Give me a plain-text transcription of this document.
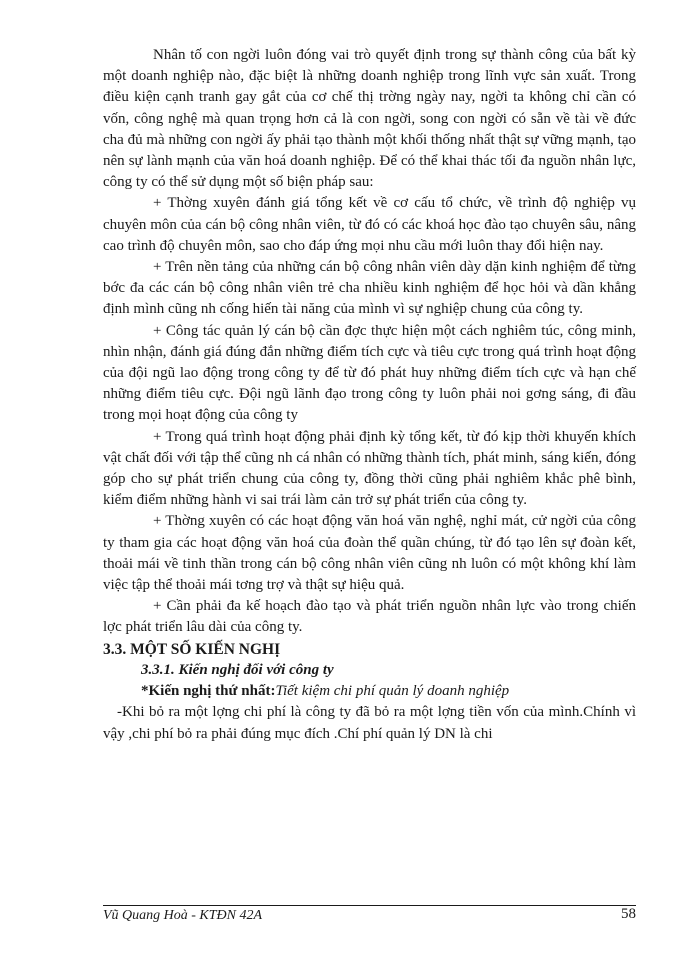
Nhân tố con ngời luôn đóng vai trò quyết định trong sự thành công của bất kỳ một doanh nghiệp nào, đặc biệt là những doanh nghiệp trong lĩnh vực sản xuất. Trong điều kiện cạnh tranh gay gắt của cơ chế thị trờng ngày nay, ngời ta không chỉ cần có vốn, công nghệ mà quan trọng hơn cả là con ngời, song con ngời có sẵn về tài về đức cha đủ mà những con ngời ấy phải tạo thành một khối thống nhất thật sự vững mạnh, tạo nên sự lành mạnh của văn hoá doanh nghiệp. Để có thể khai thác tối đa nguồn nhân lực, công ty có thể sử dụng một số biện pháp sau:

+ Thờng xuyên đánh giá tổng kết về cơ cấu tổ chức, về trình độ nghiệp vụ chuyên môn của cán bộ công nhân viên, từ đó có các khoá học đào tạo chuyên sâu, nâng cao trình độ chuyên môn, sao cho đáp ứng mọi nhu cầu mới luôn thay đổi hiện nay.

+ Trên nền tảng của những cán bộ công nhân viên dày dặn kinh nghiệm để từng bớc đa các cán bộ công nhân viên trẻ cha nhiều kinh nghiệm để học hỏi và dần khẳng định mình cũng nh cống hiến tài năng của mình vì sự nghiệp chung của công ty.

+ Công tác quản lý cán bộ cần đợc thực hiện một cách nghiêm túc, công minh, nhìn nhận, đánh giá đúng đắn những điểm tích cực và tiêu cực trong quá trình hoạt động của đội ngũ lao động trong công ty để từ đó phát huy những điểm tích cực và hạn chế những điểm tiêu cực. Đội ngũ lãnh đạo trong công ty luôn phải noi gơng sáng, đi đầu trong mọi hoạt động của công ty

+ Trong quá trình hoạt động phải định kỳ tổng kết, từ đó kịp thời khuyến khích vật chất đối với tập thể cũng nh cá nhân có những thành tích, phát minh, sáng kiến, đóng góp cho sự phát triển chung của công ty, đồng thời cũng phải nghiêm khắc phê bình, kiểm điểm những hành vi sai trái làm cản trở sự phát triển của công ty.

+ Thờng xuyên có các hoạt động văn hoá văn nghệ, nghỉ mát, cử ngời của công ty tham gia các hoạt động văn hoá của đoàn thể quần chúng, từ đó tạo lên sự đoàn kết, thoải mái về tinh thần trong cán bộ công nhân viên cũng nh luôn có một không khí làm việc tập thể thoải mái tơng trợ và thật sự hiệu quả.

+ Cần phải đa kế hoạch đào tạo và phát triển nguồn nhân lực vào trong chiến lợc phát triển lâu dài của công ty.

3.3. MỘT SỐ KIẾN NGHỊ

3.3.1. Kiến nghị đối với công ty

*Kiến nghị thứ nhất:Tiết kiệm chi phí quản lý doanh nghiệp

-Khi bỏ ra một lợng chi phí là công ty đã bỏ ra một lợng tiền vốn của mình.Chính vì vậy ,chi phí bỏ ra phải đúng mục đích .Chí phí quản lý DN là chi

Vũ Quang Hoà - KTĐN 42A	58
